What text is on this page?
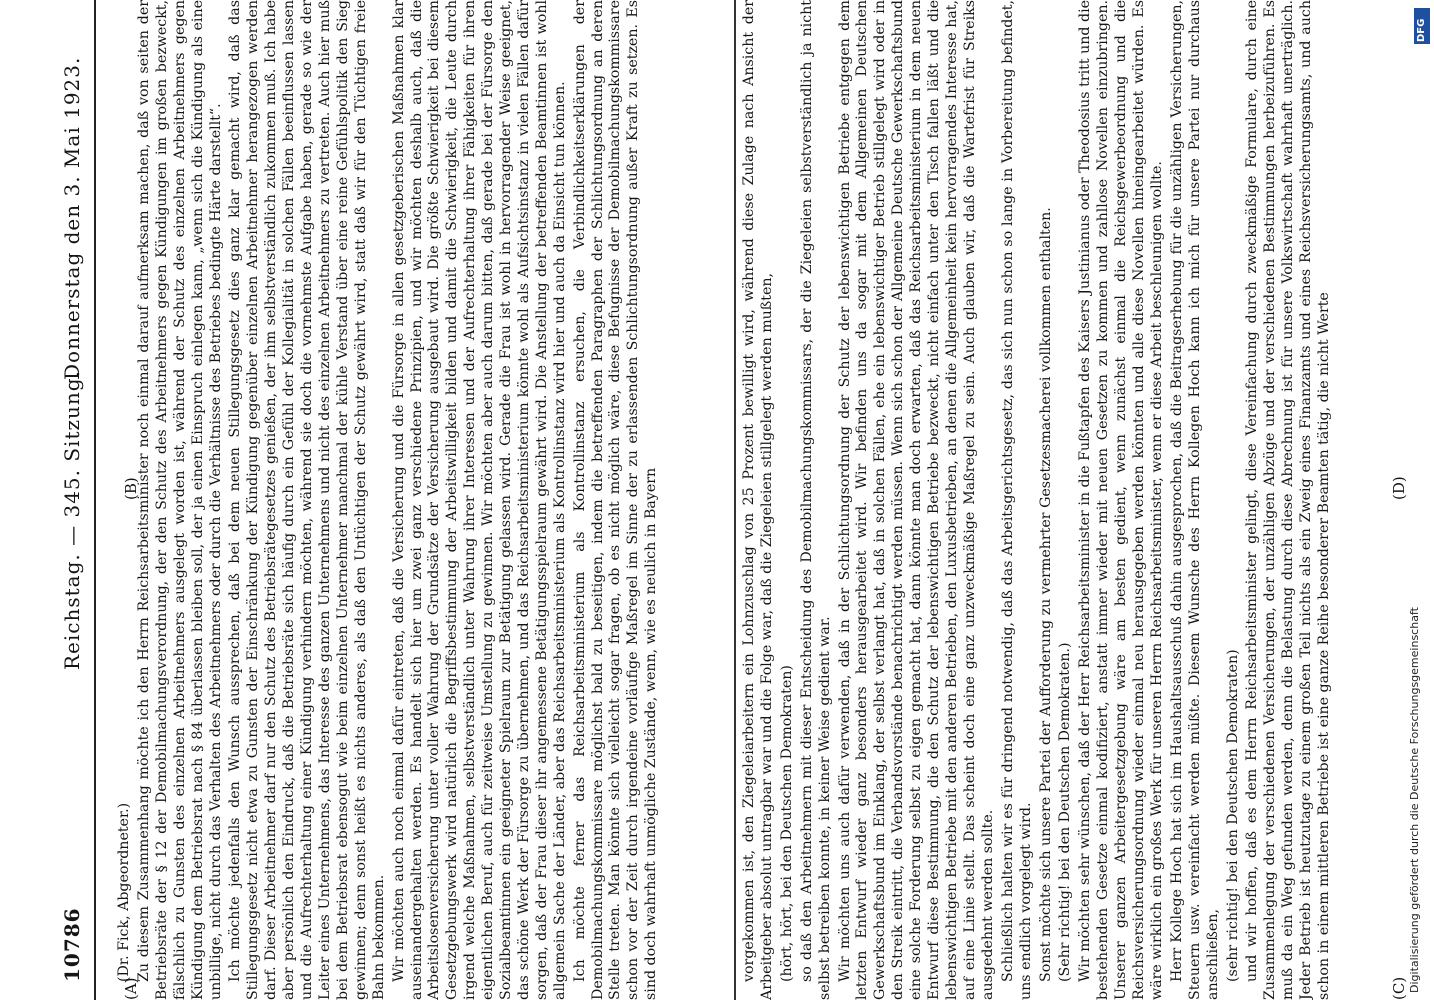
10786
Reichstag. — 345. Sitzung.
Donnerstag den 3. Mai 1923.

(Dr. Fick, Abgeordneter.) Zu diesem Zusammenhang möchte ich den Herrn Reichsarbeitsminister noch einmal darauf aufmerksam machen, daß von seiten der Betriebsräte der § 12 der Demobilmachungsverordnung, der den Schutz des Arbeitnehmers gegen Kündigungen im großen bezweckt, fälschlich zu Gunsten des einzelnen Arbeitnehmers ausgelegt worden ist, während der Schutz des einzelnen Arbeitnehmers gegen Kündigung dem Betriebsrat nach § 84 überlassen bleiben soll, der ja einen Einspruch einlegen kann, „wenn sich die Kündigung als eine unbillige, nicht durch das Verhalten des Arbeitnehmers oder durch die Verhältnisse des Betriebes bedingte Härte darstellt“. Ich möchte jedenfalls den Wunsch aussprechen, daß bei dem neuen Stillegungsgesetz dies ganz klar gemacht wird, daß das Stillegungsgesetz nicht etwa zu Gunsten der Einschränkung der Kündigung gegenüber einzelnen Arbeitnehmer herangezogen werden darf. Dieser Arbeitnehmer darf nur den Schutz des Betriebsrätegesetzes genießen, der ihm selbstverständlich zukommen muß. Ich habe aber persönlich den Eindruck, daß die Betriebsräte sich häufig durch ein Gefühl der Kollegialität in solchen Fällen beeinflussen lassen und die Aufrechterhaltung einer Kündigung verhindern möchten, während sie doch die vornehmste Aufgabe haben, gerade so wie der Leiter eines Unternehmens, das Interesse des ganzen Unternehmens und nicht des einzelnen Arbeitnehmers zu vertreten. Auch hier muß bei dem Betriebsrat ebensogut wie beim einzelnen Unternehmer manchmal der kühle Verstand über eine reine Gefühlspolitik den Sieg gewinnen; denn sonst heißt es nichts anderes, als daß den Untüchtigen der Schutz gewährt wird, statt daß wir für den Tüchtigen freie Bahn bekommen. Wir möchten auch noch einmal dafür eintreten, daß die Versicherung und die Fürsorge in allen gesetzgeberischen Maßnahmen klar auseinandergehalten werden. Es handelt sich hier um zwei ganz verschiedene Prinzipien, und wir möchten deshalb auch, daß die Arbeitslosenversicherung unter voller Wahrung der Grundsätze der Versicherung ausgebaut wird. Die größte Schwierigkeit bei diesem Gesetzgebungswerk wird natürlich die Begriffsbestimmung der Arbeitswilligkeit bilden und damit die Schwierigkeit, die Leute durch irgend welche Maßnahmen, selbstverständlich unter Wahrung ihrer Interessen und der Aufrechterhaltung ihrer Fähigkeiten für ihren eigentlichen Beruf, auch für zeitweise Umstellung zu gewinnen. Wir möchten aber auch darum bitten, daß gerade bei der Fürsorge den Sozialbeamtinnen ein geeigneter Spielraum zur Betätigung gelassen wird. Gerade die Frau ist wohl in hervorragender Weise geeignet, das schöne Werk der Fürsorge zu übernehmen, und das Reichsarbeitsministerium könnte wohl als Aufsichtsinstanz in vielen Fällen dafür sorgen, daß der Frau dieser ihr angemessene Betätigungsspielraum gewährt wird. Die Anstellung der betreffenden Beamtinnen ist wohl allgemein Sache der Länder, aber das Reichsarbeitsministerium als Kontrollinstanz wird hier und auch da Einsicht tun können. Ich möchte ferner das Reichsarbeitsministerium als Kontrollinstanz ersuchen, die Verbindlichkeitserklärungen der Demobilmachungskommissare möglichst bald zu beseitigen, indem die betreffenden Paragraphen der Schlichtungsordnung an deren Stelle treten. Man könnte sich vielleicht sogar fragen, ob es nicht möglich wäre, diese Befugnisse der Demobilmachungskommissare schon vor der Zeit durch irgendeine vorläufige Maßregel im Sinne der zu erlassenden Schlichtungsordnung außer Kraft zu setzen. Es sind doch wahrhaft unmögliche Zustände, wenn, wie es neulich in Bayern	vorgekommen ist, den Ziegeleiarbeitern ein Lohnzuschlag von 25 Prozent bewilligt wird, während diese Zulage nach Ansicht der Arbeitgeber absolut untragbar war und die Folge war, daß die Ziegeleien stillgelegt werden mußten, (hört, hört, bei den Deutschen Demokraten) so daß den Arbeitnehmern mit dieser Entscheidung des Demobilmachungskommissars, der die Ziegeleien selbstverständlich ja nicht selbst betreiben konnte, in keiner Weise gedient war. Wir möchten uns auch dafür verwenden, daß in der Schlichtungsordnung der Schutz der lebenswichtigen Betriebe entgegen dem letzten Entwurf wieder ganz besonders herausgearbeitet wird. Wir befinden uns da sogar mit dem Allgemeinen Deutschen Gewerkschaftsbund im Einklang, der selbst verlangt hat, daß in solchen Fällen, ehe ein lebenswichtiger Betrieb stillgelegt wird oder in den Streik eintritt, die Verbandsvorstände benachrichtigt werden müssen. Wenn sich schon der Allgemeine Deutsche Gewerkschaftsbund eine solche Forderung selbst zu eigen gemacht hat, dann könnte man doch erwarten, daß das Reichsarbeitsministerium in dem neuen Entwurf diese Bestimmung, die den Schutz der lebenswichtigen Betriebe bezweckt, nicht einfach unter den Tisch fallen läßt und die lebenswichtigen Betriebe mit den anderen Betrieben, den Luxusbetrieben, an denen die Allgemeinheit kein hervorragendes Interesse hat, auf eine Linie stellt. Das scheint doch eine ganz unzweckmäßige Maßregel zu sein. Auch glauben wir, daß die Wartefrist für Streiks ausgedehnt werden sollte. Schließlich halten wir es für dringend notwendig, daß das Arbeitsgerichtsgesetz, das sich nun schon so lange in Vorbereitung befindet, uns endlich vorgelegt wird. Sonst möchte sich unsere Partei der Aufforderung zu vermehrter Gesetzesmacherei vollkommen enthalten. (Sehr richtig! bei den Deutschen Demokraten.) Wir möchten sehr wünschen, daß der Herr Reichsarbeitsminister in die Fußtapfen des Kaisers Justinianus oder Theodosius tritt und die bestehenden Gesetze einmal kodifiziert, anstatt immer wieder mit neuen Gesetzen zu kommen und zahllose Novellen einzubringen. Unserer ganzen Arbeitergesetzgebung wäre am besten gedient, wenn zunächst einmal die Reichsgewerbeordnung und die Reichsversicherungsordnung wieder einmal neu herausgegeben werden könnten und alle diese Novellen hineingearbeitet würden. Es wäre wirklich ein großes Werk für unseren Herrn Reichsarbeitsminister, wenn er diese Arbeit beschleunigen wollte. Herr Kollege Hoch hat sich im Haushaltsausschuß dahin ausgesprochen, daß die Beitragserhebung für die unzähligen Versicherungen, Steuern usw. vereinfacht werden müßte. Diesem Wunsche des Herrn Kollegen Hoch kann ich mich für unsere Partei nur durchaus anschließen, (sehr richtig! bei den Deutschen Demokraten) und wir hoffen, daß es dem Herrn Reichsarbeitsminister gelingt, diese Vereinfachung durch zweckmäßige Formulare, durch eine Zusammenlegung der verschiedenen Versicherungen, der unzähligen Abzüge und der verschiedenen Bestimmungen herbeizuführen. Es muß da ein Weg gefunden werden, denn die Belastung durch diese Abrechnung ist für unsere Volkswirtschaft wahrhaft unerträglich. Jeder Betrieb ist heutzutage zu einem großen Teil nichts als ein Zweig eines Finanzamts und eines Reichsversicherungsamts, und auch schon in einem mittleren Betriebe ist eine ganze Reihe besonderer Beamten tätig, die nicht Werte

(A)
(B)
(C)
(D)
Digitalisierung gefördert durch die Deutsche Forschungsgemeinschaft
DFG
